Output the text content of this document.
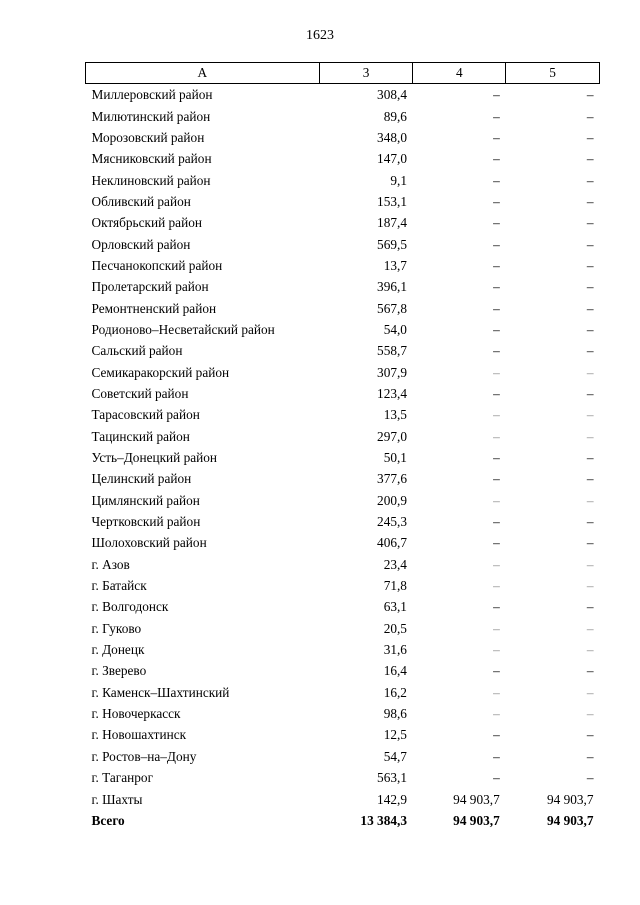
1623
А	3	4	5
Миллеровский район	308,4	–	–
Милютинский район	89,6	–	–
Морозовский район	348,0	–	–
Мясниковский район	147,0	–	–
Неклиновский район	9,1	–	–
Обливский район	153,1	–	–
Октябрьский район	187,4	–	–
Орловский район	569,5	–	–
Песчанокопский район	13,7	–	–
Пролетарский район	396,1	–	–
Ремонтненский район	567,8	–	–
Родионово–Несветайский район	54,0	–	–
Сальский район	558,7	–	–
Семикаракорский район	307,9	–	–
Советский район	123,4	–	–
Тарасовский район	13,5	–	–
Тацинский район	297,0	–	–
Усть–Донецкий район	50,1	–	–
Целинский район	377,6	–	–
Цимлянский район	200,9	–	–
Чертковский район	245,3	–	–
Шолоховский район	406,7	–	–
г. Азов	23,4	–	–
г. Батайск	71,8	–	–
г. Волгодонск	63,1	–	–
г. Гуково	20,5	–	–
г. Донецк	31,6	–	–
г. Зверево	16,4	–	–
г. Каменск–Шахтинский	16,2	–	–
г. Новочеркасск	98,6	–	–
г. Новошахтинск	12,5	–	–
г. Ростов–на–Дону	54,7	–	–
г. Таганрог	563,1	–	–
г. Шахты	142,9	94 903,7	94 903,7
Всего	13 384,3	94 903,7	94 903,7
